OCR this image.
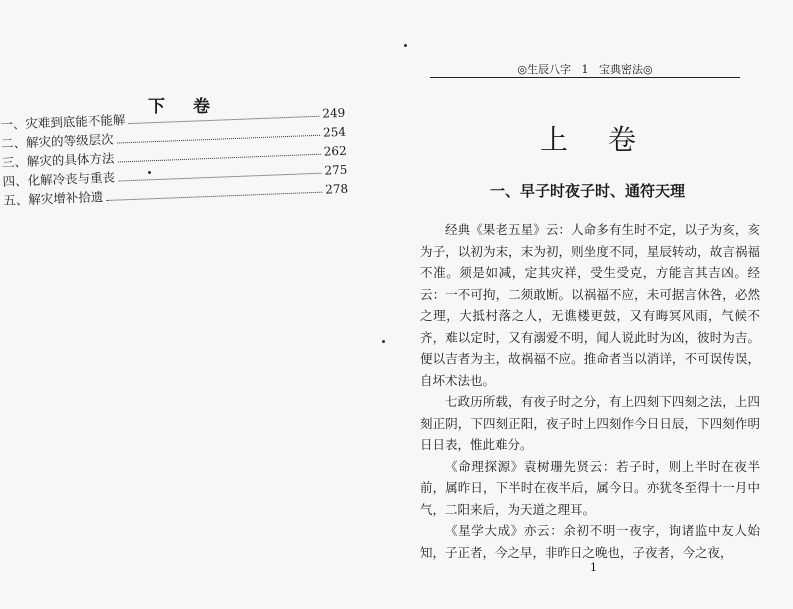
下 卷
一、灾难到底能不能解	249
二、解灾的等级层次	254
三、解灾的具体方法	262
四、化解冷丧与重丧	275
五、解灾增补拾遗	278
◎生辰八字 1 宝典密法◎
上 卷
一、早子时夜子时、通符天理

经典《果老五星》云：人命多有生时不定，以子为亥，亥为子，以初为末，末为初，则坐度不同，星辰转动，故言祸福不准。须是如减，定其灾祥，受生受克，方能言其吉凶。经云：一不可拘，二须敢断。以祸福不应，未可据言休咎，必然之理，大抵村落之人，无谯楼更鼓，又有晦冥风雨，气候不齐，难以定时，又有溺爱不明，闻人说此时为凶，彼时为吉。便以吉者为主，故祸福不应。推命者当以消详，不可误传误，自坏术法也。

七政历所载，有夜子时之分，有上四刻下四刻之法，上四刻正阴，下四刻正阳，夜子时上四刻作今日日辰，下四刻作明日日表，惟此难分。

《命理探源》袁树珊先贤云：若子时，则上半时在夜半前，属昨日，下半时在夜半后，属今日。亦犹冬至得十一月中气，二阳来后，为天道之理耳。

《星学大成》亦云：余初不明一夜字，询诸监中友人始知，子正者，今之早，非昨日之晚也，子夜者，今之夜，

1
